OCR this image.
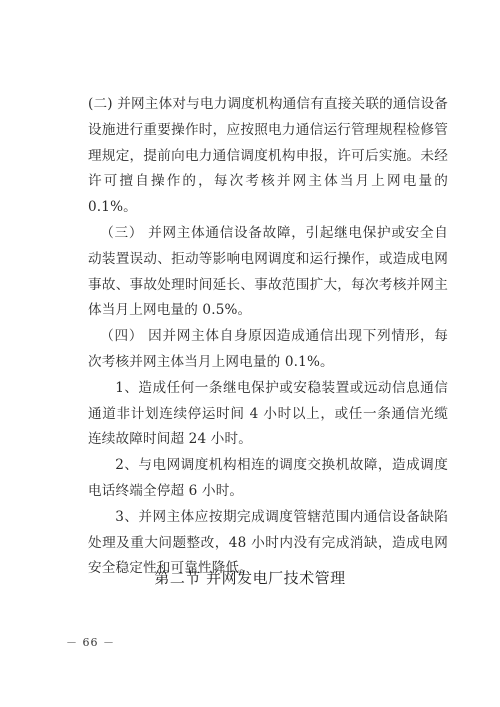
(二) 并网主体对与电力调度机构通信有直接关联的通信设备设施进行重要操作时，应按照电力通信运行管理规程检修管理规定，提前向电力通信调度机构申报，许可后实施。未经许可擅自操作的，每次考核并网主体当月上网电量的 0.1%。

（三） 并网主体通信设备故障，引起继电保护或安全自动装置误动、拒动等影响电网调度和运行操作，或造成电网事故、事故处理时间延长、事故范围扩大，每次考核并网主体当月上网电量的 0.5%。

（四） 因并网主体自身原因造成通信出现下列情形，每次考核并网主体当月上网电量的 0.1%。

1、造成任何一条继电保护或安稳装置或远动信息通信通道非计划连续停运时间 4 小时以上，或任一条通信光缆连续故障时间超 24 小时。

2、与电网调度机构相连的调度交换机故障，造成调度电话终端全停超 6 小时。

3、并网主体应按期完成调度管辖范围内通信设备缺陷处理及重大问题整改，48 小时内没有完成消缺，造成电网安全稳定性和可靠性降低。

第二节 并网发电厂技术管理
－ 66 －
